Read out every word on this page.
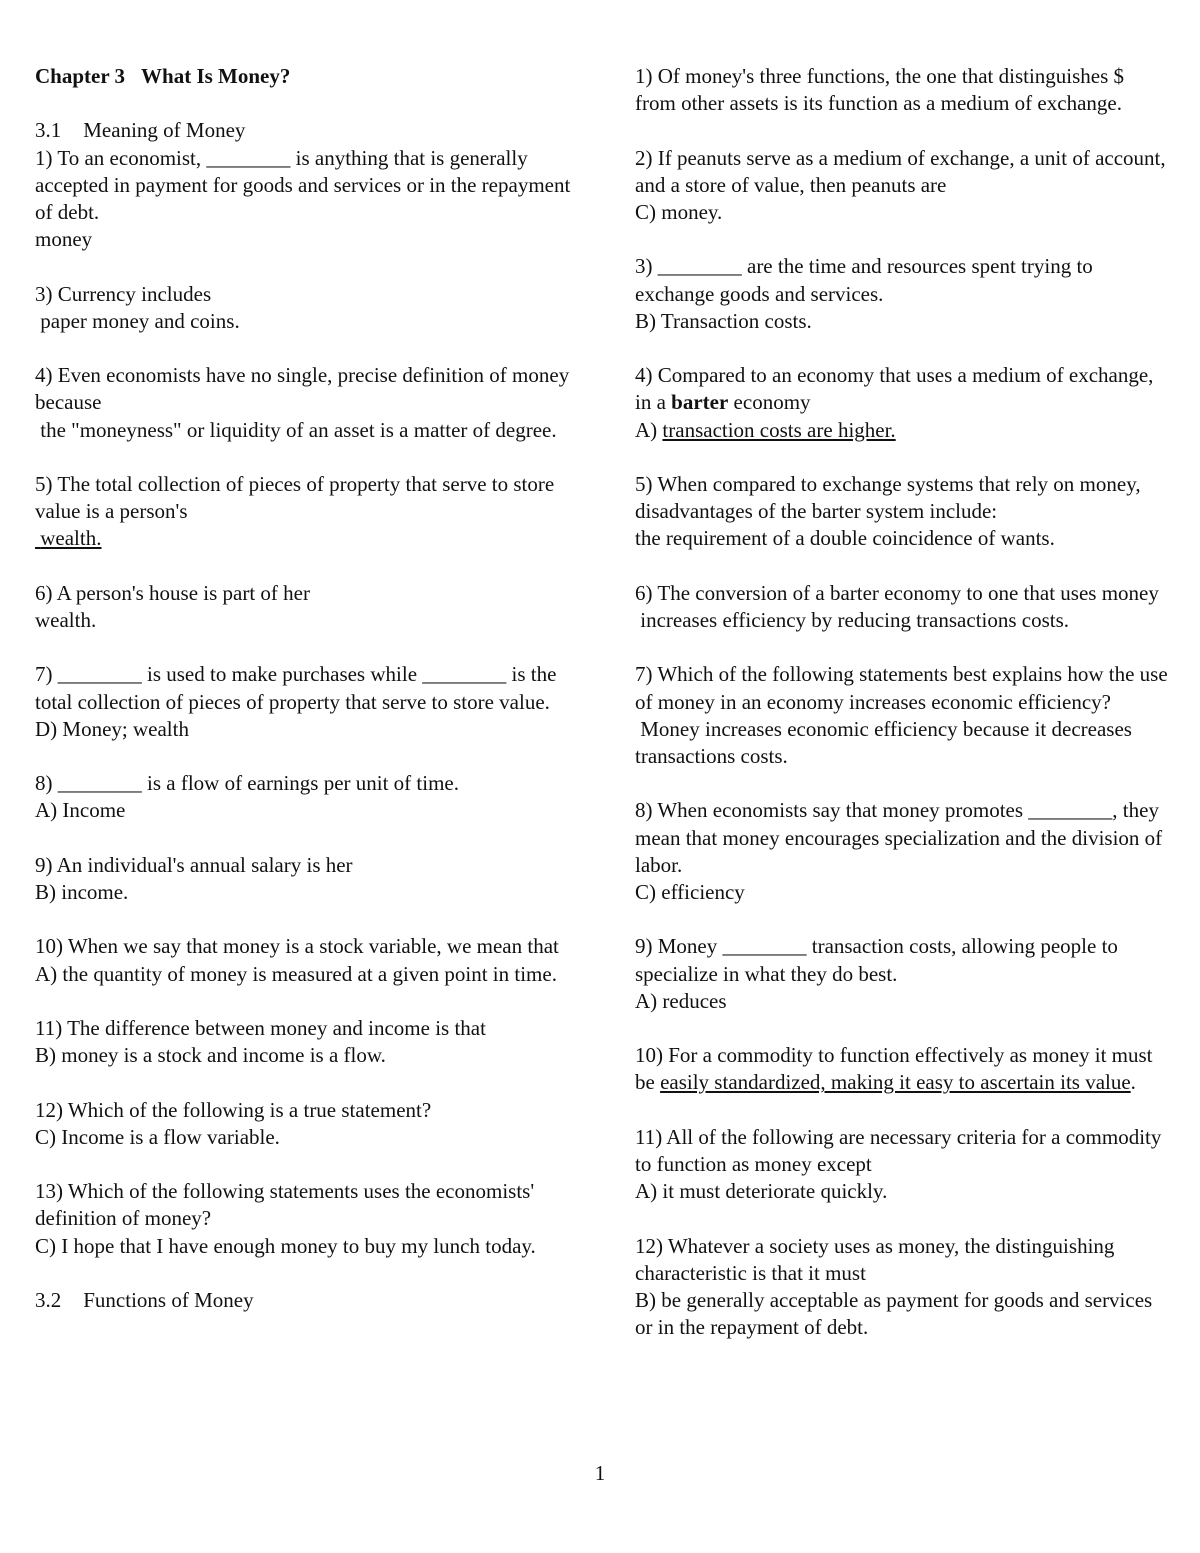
Chapter 3 What Is Money?

3.1 Meaning of Money

1) To an economist, ________ is anything that is generally accepted in payment for goods and services or in the repayment of debt.

money

3) Currency includes

paper money and coins.

4) Even economists have no single, precise definition of money because

the "moneyness" or liquidity of an asset is a matter of degree.

5) The total collection of pieces of property that serve to store value is a person's

wealth.

6) A person's house is part of her

wealth.

7) ________ is used to make purchases while ________ is the total collection of pieces of property that serve to store value.

D) Money; wealth

8) ________ is a flow of earnings per unit of time.

A) Income

9) An individual's annual salary is her

B) income.

10) When we say that money is a stock variable, we mean that

A) the quantity of money is measured at a given point in time.

11) The difference between money and income is that

B) money is a stock and income is a flow.

12) Which of the following is a true statement?

C) Income is a flow variable.

13) Which of the following statements uses the economists' definition of money?

C) I hope that I have enough money to buy my lunch today.

3.2 Functions of Money

1) Of money's three functions, the one that distinguishes $ from other assets is its function as a medium of exchange.

2) If peanuts serve as a medium of exchange, a unit of account, and a store of value, then peanuts are

C) money.

3) ________ are the time and resources spent trying to exchange goods and services.

B) Transaction costs.

4) Compared to an economy that uses a medium of exchange, in a barter economy

A) transaction costs are higher.

5) When compared to exchange systems that rely on money, disadvantages of the barter system include:

the requirement of a double coincidence of wants.

6) The conversion of a barter economy to one that uses money

increases efficiency by reducing transactions costs.

7) Which of the following statements best explains how the use of money in an economy increases economic efficiency?

Money increases economic efficiency because it decreases transactions costs.

8) When economists say that money promotes ________, they mean that money encourages specialization and the division of labor.

C) efficiency

9) Money ________ transaction costs, allowing people to specialize in what they do best.

A) reduces

10) For a commodity to function effectively as money it must be easily standardized, making it easy to ascertain its value.

11) All of the following are necessary criteria for a commodity to function as money except

A) it must deteriorate quickly.

12) Whatever a society uses as money, the distinguishing characteristic is that it must

B) be generally acceptable as payment for goods and services or in the repayment of debt.

1
